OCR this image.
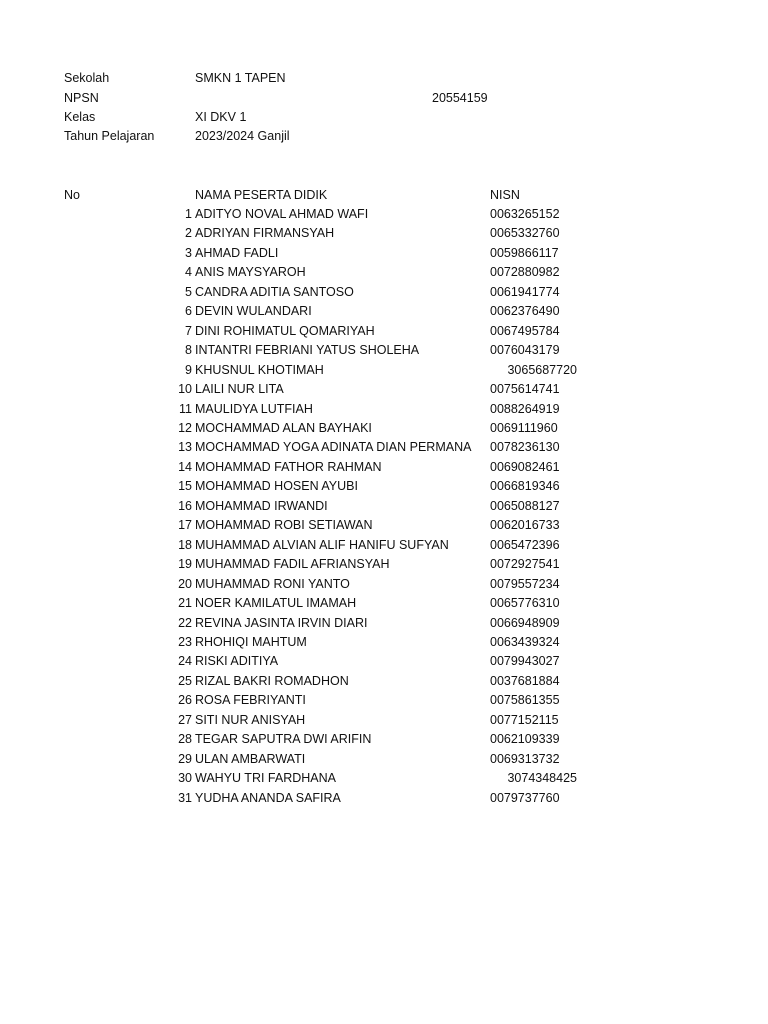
Sekolah	SMKN 1 TAPEN
NPSN	20554159
Kelas	XI DKV 1
Tahun Pelajaran	2023/2024 Ganjil
No	NAMA PESERTA DIDIK	NISN
1 ADITYO NOVAL AHMAD WAFI	0063265152
2 ADRIYAN FIRMANSYAH	0065332760
3 AHMAD FADLI	0059866117
4 ANIS MAYSYAROH	0072880982
5 CANDRA ADITIA SANTOSO	0061941774
6 DEVIN WULANDARI	0062376490
7 DINI ROHIMATUL QOMARIYAH	0067495784
8 INTANTRI FEBRIANI YATUS SHOLEHA	0076043179
9 KHUSNUL KHOTIMAH	3065687720
10 LAILI NUR LITA	0075614741
11 MAULIDYA LUTFIAH	0088264919
12 MOCHAMMAD ALAN BAYHAKI	0069111960
13 MOCHAMMAD YOGA ADINATA DIAN PERMANA 0078236130
14 MOHAMMAD FATHOR RAHMAN	0069082461
15 MOHAMMAD HOSEN AYUBI	0066819346
16 MOHAMMAD IRWANDI	0065088127
17 MOHAMMAD ROBI SETIAWAN	0062016733
18 MUHAMMAD ALVIAN ALIF HANIFU SUFYAN	0065472396
19 MUHAMMAD FADIL AFRIANSYAH	0072927541
20 MUHAMMAD RONI YANTO	0079557234
21 NOER KAMILATUL IMAMAH	0065776310
22 REVINA JASINTA IRVIN DIARI	0066948909
23 RHOHIQI MAHTUM	0063439324
24 RISKI ADITIYA	0079943027
25 RIZAL BAKRI ROMADHON	0037681884
26 ROSA FEBRIYANTI	0075861355
27 SITI NUR ANISYAH	0077152115
28 TEGAR SAPUTRA DWI ARIFIN	0062109339
29 ULAN AMBARWATI	0069313732
30 WAHYU TRI FARDHANA	3074348425
31 YUDHA ANANDA SAFIRA	0079737760
